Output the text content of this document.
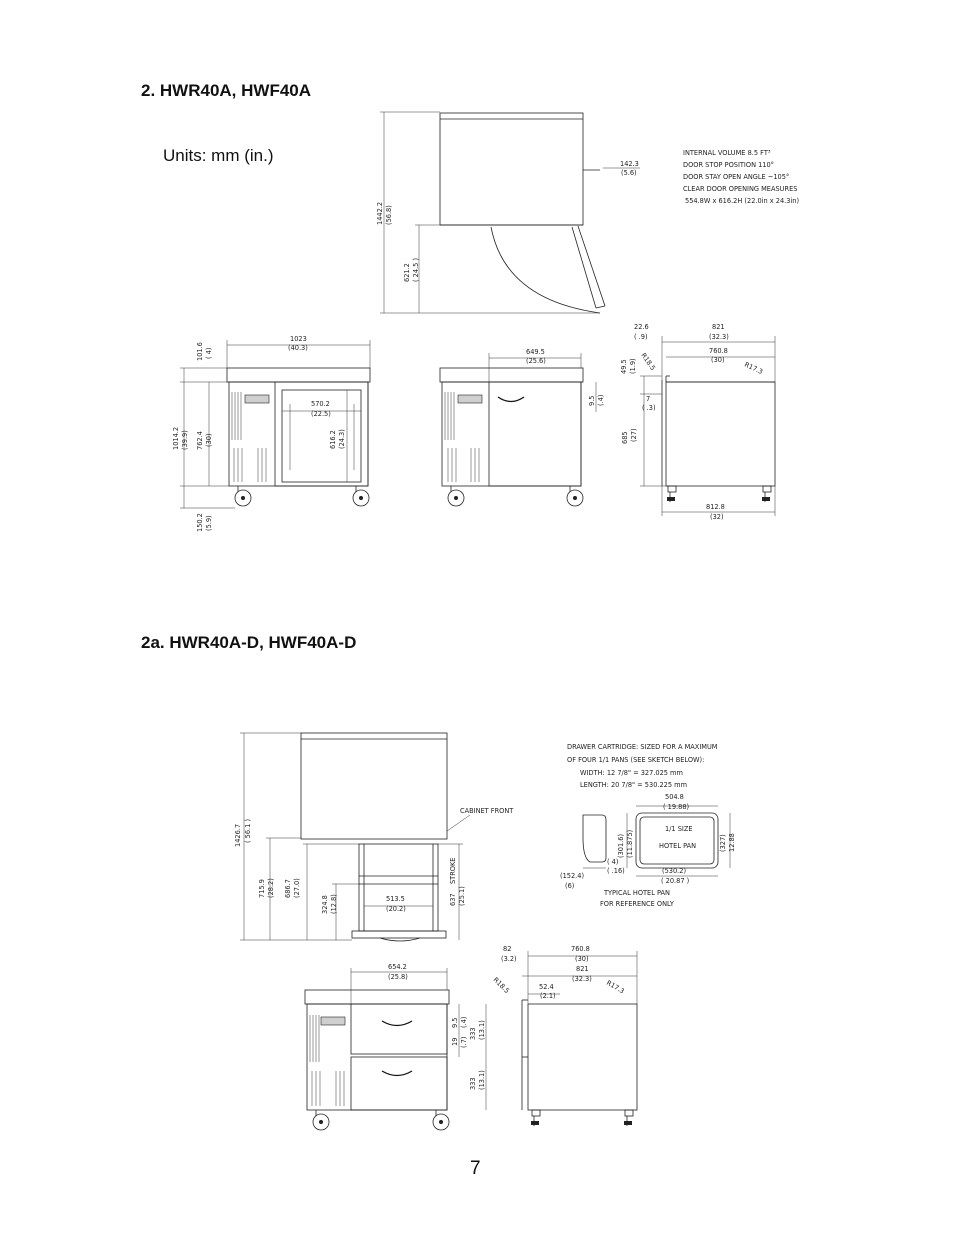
2. HWR40A, HWF40A
Units: mm (in.)
2a. HWR40A-D, HWF40A-D
7
142.3
(5.6)
1442.2 (56.8)
621.2 ( 24.5 )
INTERNAL VOLUME 8.5 FT³
DOOR STOP POSITION 110°
DOOR STAY OPEN ANGLE ~105°
CLEAR DOOR OPENING MEASURES
554.8W x 616.2H (22.0in x 24.3in)
1023
(40.3)
570.2
(22.5)
101.6 ( 4)
1014.2 (39.9) 762.4 (30)	616.2 (24.3)
150.2 (5.9)
649.5
(25.6)
9.5 (.4)
821
(32.3)
22.6
( .9)
760.8
(30)
R18.5	R17.3
49.5 (1.9)
7
( .3)
685 (27)
812.8
(32)
CABINET FRONT
1426.7 ( 56.1 )
715.9 (28.2) 686.7 (27.0)
324.8 (12.8)	513.5
(20.2)
STROKE
637 (25.1)
DRAWER CARTRIDGE: SIZED FOR A MAXIMUM
OF FOUR 1/1 PANS (SEE SKETCH BELOW):
WIDTH: 12 7/8" = 327.025 mm
LENGTH: 20 7/8" = 530.225 mm
1/1 SIZE
HOTEL PAN
504.8
( 19.88)
(327) 12.88
(301.6) (11.875)
( 4)
( .16)
(152.4)
(6)
(530.2)
( 20.87 )
TYPICAL HOTEL PAN
FOR REFERENCE ONLY
654.2
(25.8)
9.5 (.4)
19 (.7)
333 (13.1)
333 (13.1)
82
(3.2)
760.8
(30)
821
(32.3)
R18.5	R17.3
52.4
(2.1)
